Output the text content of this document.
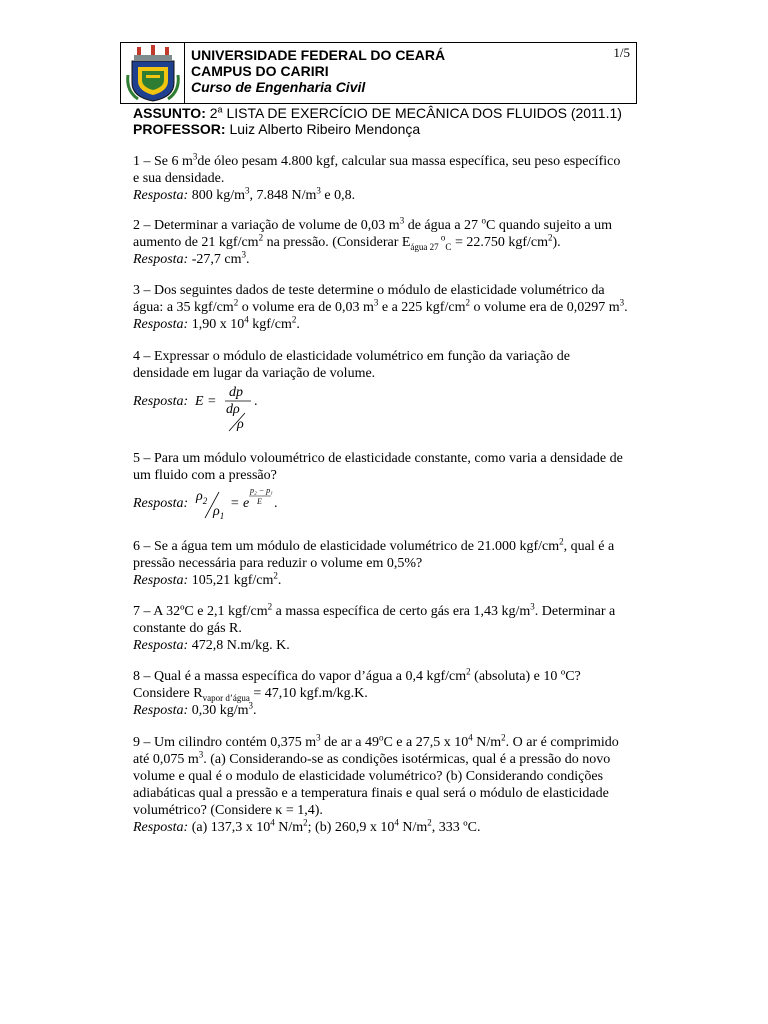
UNIVERSIDADE FEDERAL DO CEARÁ
CAMPUS DO CARIRI
Curso de Engenharia Civil
1/5
ASSUNTO: 2$^a$ LISTA DE EXERCÍCIO DE MECÂNICA DOS FLUIDOS (2011.1)
PROFESSOR: Luiz Alberto Ribeiro Mendonça
1 – Se 6 $m^3de$ óleo pesam 4.800 kgf, calcular sua massa específica, seu peso específico
e sua densidade.
Resposta: 800 $kg/m^3$, 7.848 $N/m^3$ e 0,8.
2 – Determinar a variação de volume de 0,03 $m^3$ de água a 27 $^o$C quando sujeito a um
aumento de 21 kgf/$cm^2$ na pressão. (Considerar $E_{água 27}$ $^o_C$ = 22.750 kgf/$cm^2$).
Resposta: -27,7 $cm^3$.
3 – Dos seguintes dados de teste determine o módulo de elasticidade volumétrico da
água: a 35 kgf/$cm^2$ o volume era de 0,03 $m^3$ e a 225 kgf/$cm^2$ o volume era de 0,0297 $m^3$.
Resposta: 1,90 x $10^4$ kgf/$cm^2$.
4 – Expressar o módulo de elasticidade volumétrico em função da variação de
densidade em lugar da variação de volume.
Resposta: E =
dp
dρ
ρ
.
5 – Para um módulo voloumétrico de elasticidade constante, como varia a densidade de
um fluido com a pressão?
Resposta: $\rho_2$
$\rho_1$
= e
p₂ − p₁
E .
6 – Se a água tem um módulo de elasticidade volumétrico de 21.000 kgf/$cm^2$, qual é a
pressão necessária para reduzir o volume em 0,5%?
Resposta: 105,21 kgf/$cm^2$.
7 – A 32ºC e 2,1 kgf/$cm^2$ a massa específica de certo gás era 1,43 $kg/m^3$. Determinar a
constante do gás R.
Resposta: 472,8 N.m/kg. K.
8 – Qual é a massa específica do vapor d’água a 0,4 kgf/$cm^2$ (absoluta) e 10 ºC?
Considere $R_{vapor d’água} = 47,10$ kgf.m/kg.K.
Resposta: 0,30 $kg/m^3$.
9 – Um cilindro contém 0,375 $m^3$ de ar a 49$^o$C e a 27,5 x $10^4$ $N/m^2$. O ar é comprimido
até 0,075 $m^3$. (a) Considerando-se as condições isotérmicas, qual é a pressão do novo
volume e qual é o modulo de elasticidade volumétrico? (b) Considerando condições
adiabáticas qual a pressão e a temperatura finais e qual será o módulo de elasticidade
volumétrico? (Considere κ = 1,4).
Resposta: (a) 137,3 x $10^4$ $N/m^2$; (b) 260,9 x $10^4$ $N/m^2$, 333 ºC.
